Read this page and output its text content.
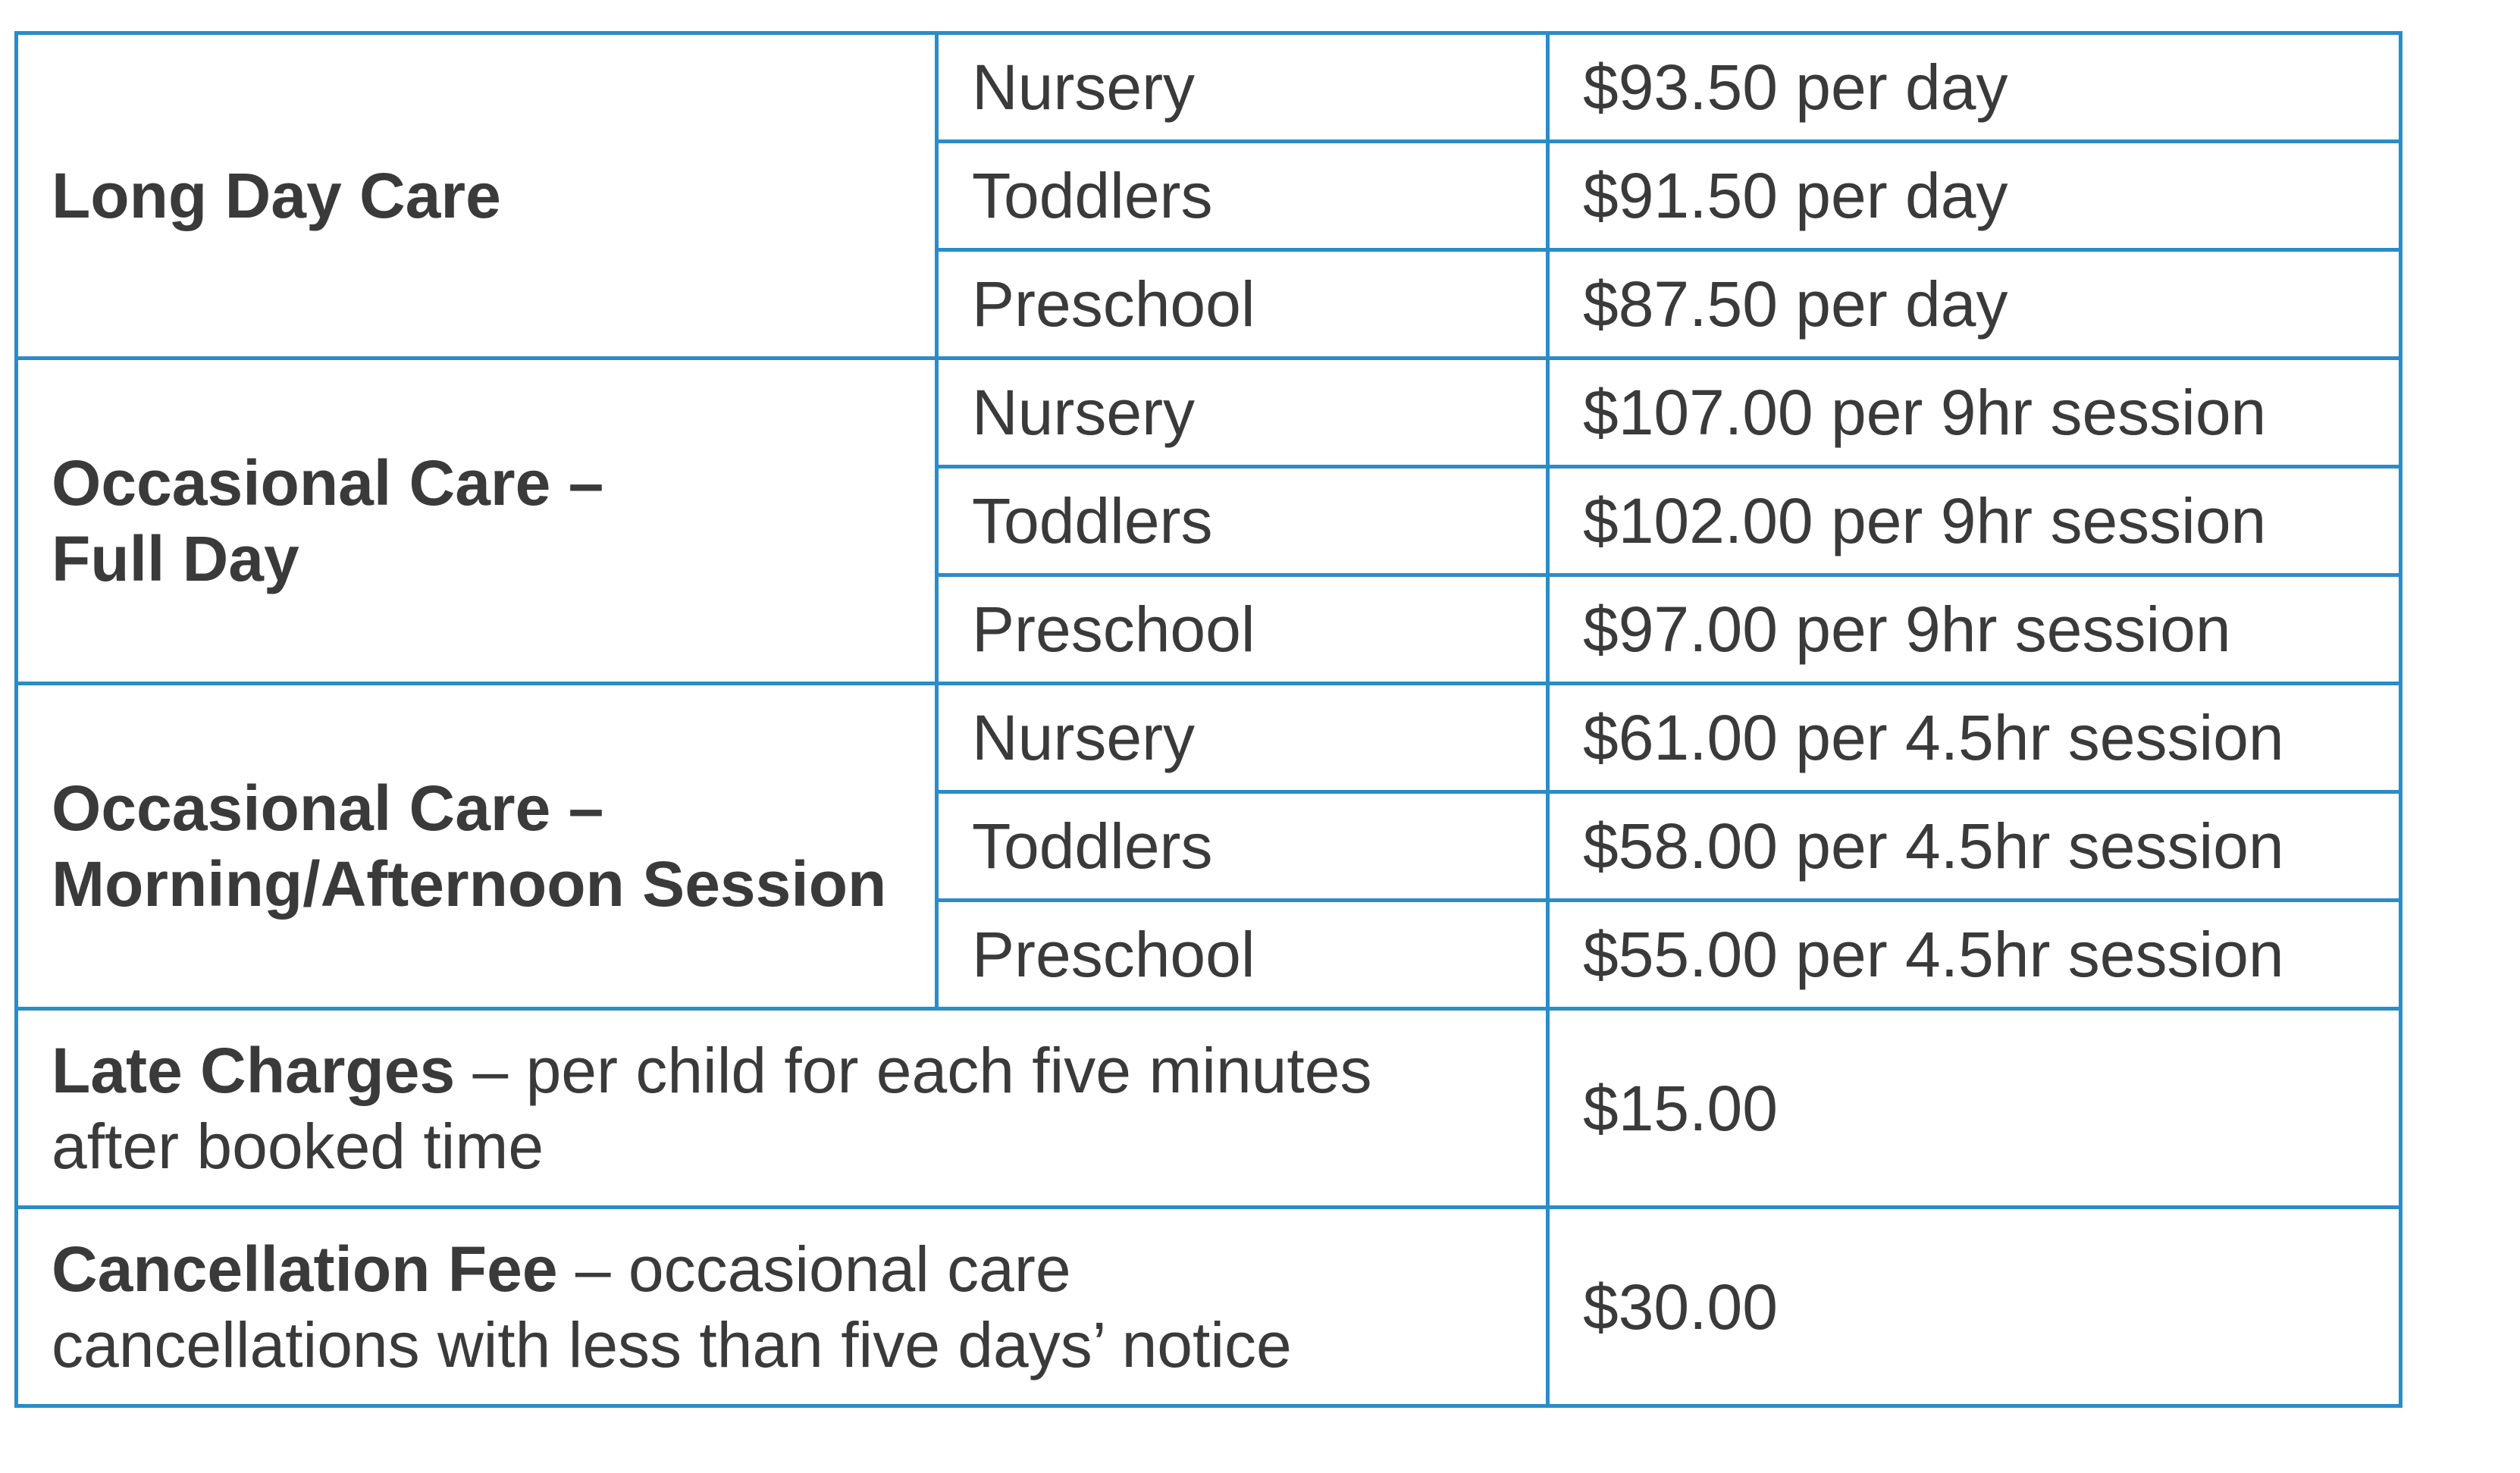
Long Day Care	Nursery	$93.50 per day
	Toddlers	$91.50 per day
	Preschool	$87.50 per day

Occasional Care –
Full Day	Nursery	$107.00 per 9hr session
	Toddlers	$102.00 per 9hr session
	Preschool	$97.00 per 9hr session

Occasional Care –
Morning/Afternoon Session	Nursery	$61.00 per 4.5hr session
	Toddlers	$58.00 per 4.5hr session
	Preschool	$55.00 per 4.5hr session

Late Charges – per child for each five minutes
after booked time		$15.00

Cancellation Fee – occasional care
cancellations with less than five days’ notice		$30.00
